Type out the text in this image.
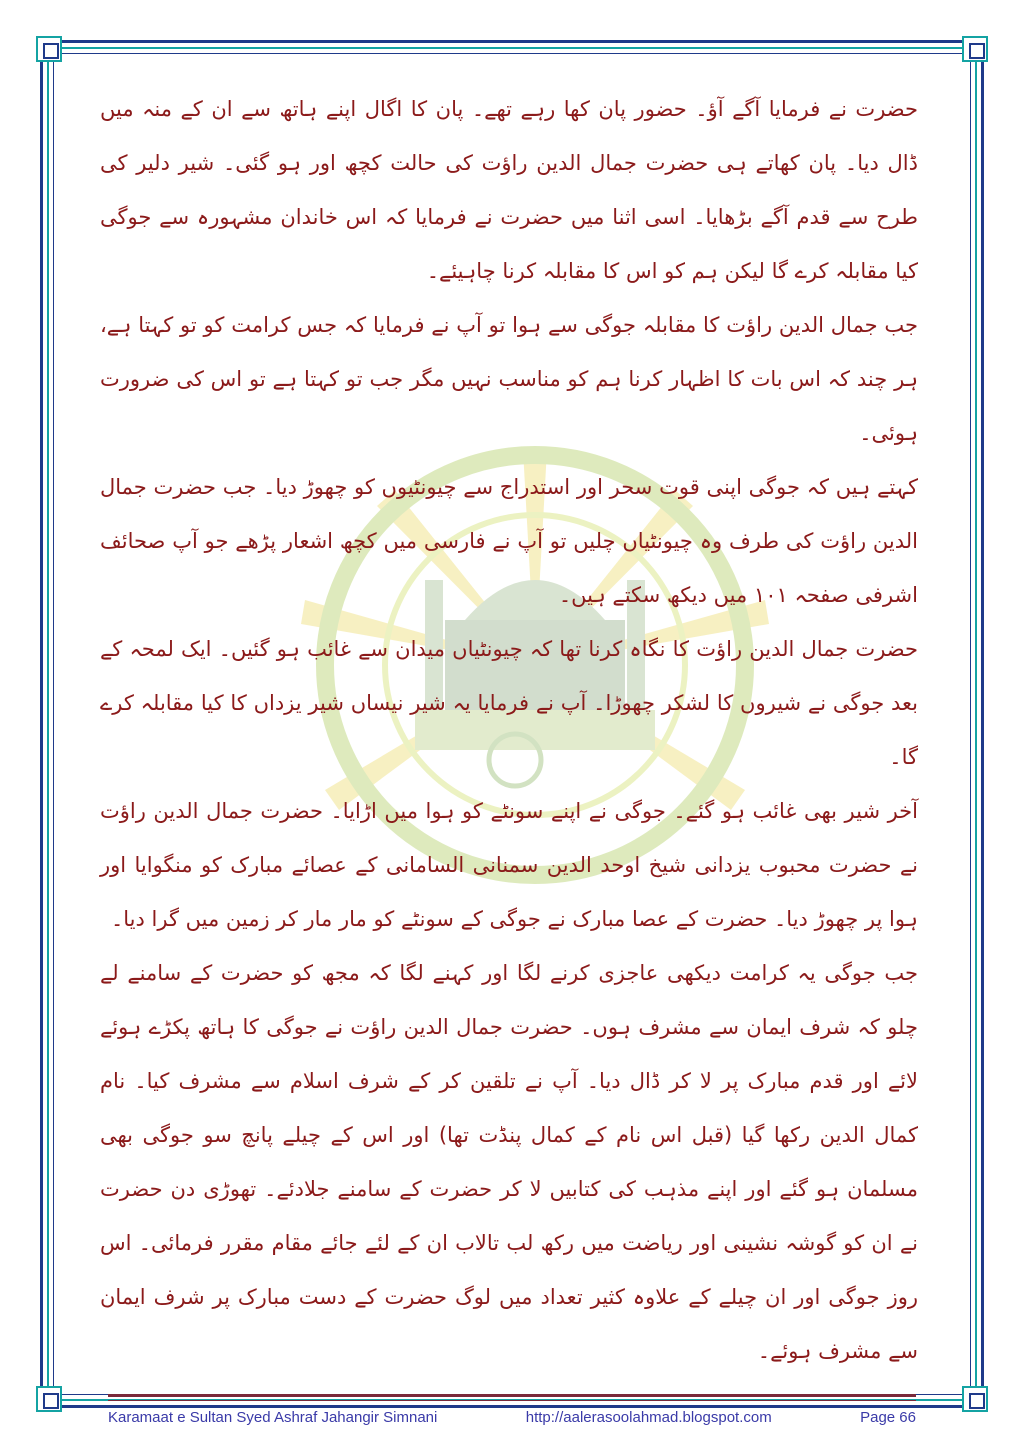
حضرت نے فرمایا آگے آؤ۔ حضور پان کھا رہے تھے۔ پان کا اگال اپنے ہاتھ سے ان کے منہ میں ڈال دیا۔ پان کھاتے ہی حضرت جمال الدین راؤت کی حالت کچھ اور ہو گئی۔ شیر دلیر کی طرح سے قدم آگے بڑھایا۔ اسی اثنا میں حضرت نے فرمایا کہ اس خاندان مشہورہ سے جوگی کیا مقابلہ کرے گا لیکن ہم کو اس کا مقابلہ کرنا چاہیئے۔

جب جمال الدین راؤت کا مقابلہ جوگی سے ہوا تو آپ نے فرمایا کہ جس کرامت کو تو کہتا ہے، ہر چند کہ اس بات کا اظہار کرنا ہم کو مناسب نہیں مگر جب تو کہتا ہے تو اس کی ضرورت ہوئی۔

کہتے ہیں کہ جوگی اپنی قوت سحر اور استدراج سے چیونٹیوں کو چھوڑ دیا۔ جب حضرت جمال الدین راؤت کی طرف وہ چیونٹیاں چلیں تو آپ نے فارسی میں کچھ اشعار پڑھے جو آپ صحائف اشرفی صفحہ ۱۰۱ میں دیکھ سکتے ہیں۔

حضرت جمال الدین راؤت کا نگاہ کرنا تھا کہ چیونٹیاں میدان سے غائب ہو گئیں۔ ایک لمحہ کے بعد جوگی نے شیروں کا لشکر چھوڑا۔ آپ نے فرمایا یہ شیر نیساں شیر یزداں کا کیا مقابلہ کرے گا۔

آخر شیر بھی غائب ہو گئے۔ جوگی نے اپنے سونٹے کو ہوا میں اڑایا۔ حضرت جمال الدین راؤت نے حضرت محبوب یزدانی شیخ اوحد الدین سمنانی السامانی کے عصائے مبارک کو منگوایا اور ہوا پر چھوڑ دیا۔ حضرت کے عصا مبارک نے جوگی کے سونٹے کو مار مار کر زمین میں گرا دیا۔

جب جوگی یہ کرامت دیکھی عاجزی کرنے لگا اور کہنے لگا کہ مجھ کو حضرت کے سامنے لے چلو کہ شرف ایمان سے مشرف ہوں۔ حضرت جمال الدین راؤت نے جوگی کا ہاتھ پکڑے ہوئے لائے اور قدم مبارک پر لا کر ڈال دیا۔ آپ نے تلقین کر کے شرف اسلام سے مشرف کیا۔ نام کمال الدین رکھا گیا (قبل اس نام کے کمال پنڈت تھا) اور اس کے چیلے پانچ سو جوگی بھی مسلمان ہو گئے اور اپنے مذہب کی کتابیں لا کر حضرت کے سامنے جلادئے۔ تھوڑی دن حضرت نے ان کو گوشہ نشینی اور ریاضت میں رکھ لب تالاب ان کے لئے جائے مقام مقرر فرمائی۔ اس روز جوگی اور ان چیلے کے علاوہ کثیر تعداد میں لوگ حضرت کے دست مبارک پر شرف ایمان سے مشرف ہوئے۔

Karamaat e Sultan Syed Ashraf Jahangir Simnani	http://aalerasoolahmad.blogspot.com	Page 66
